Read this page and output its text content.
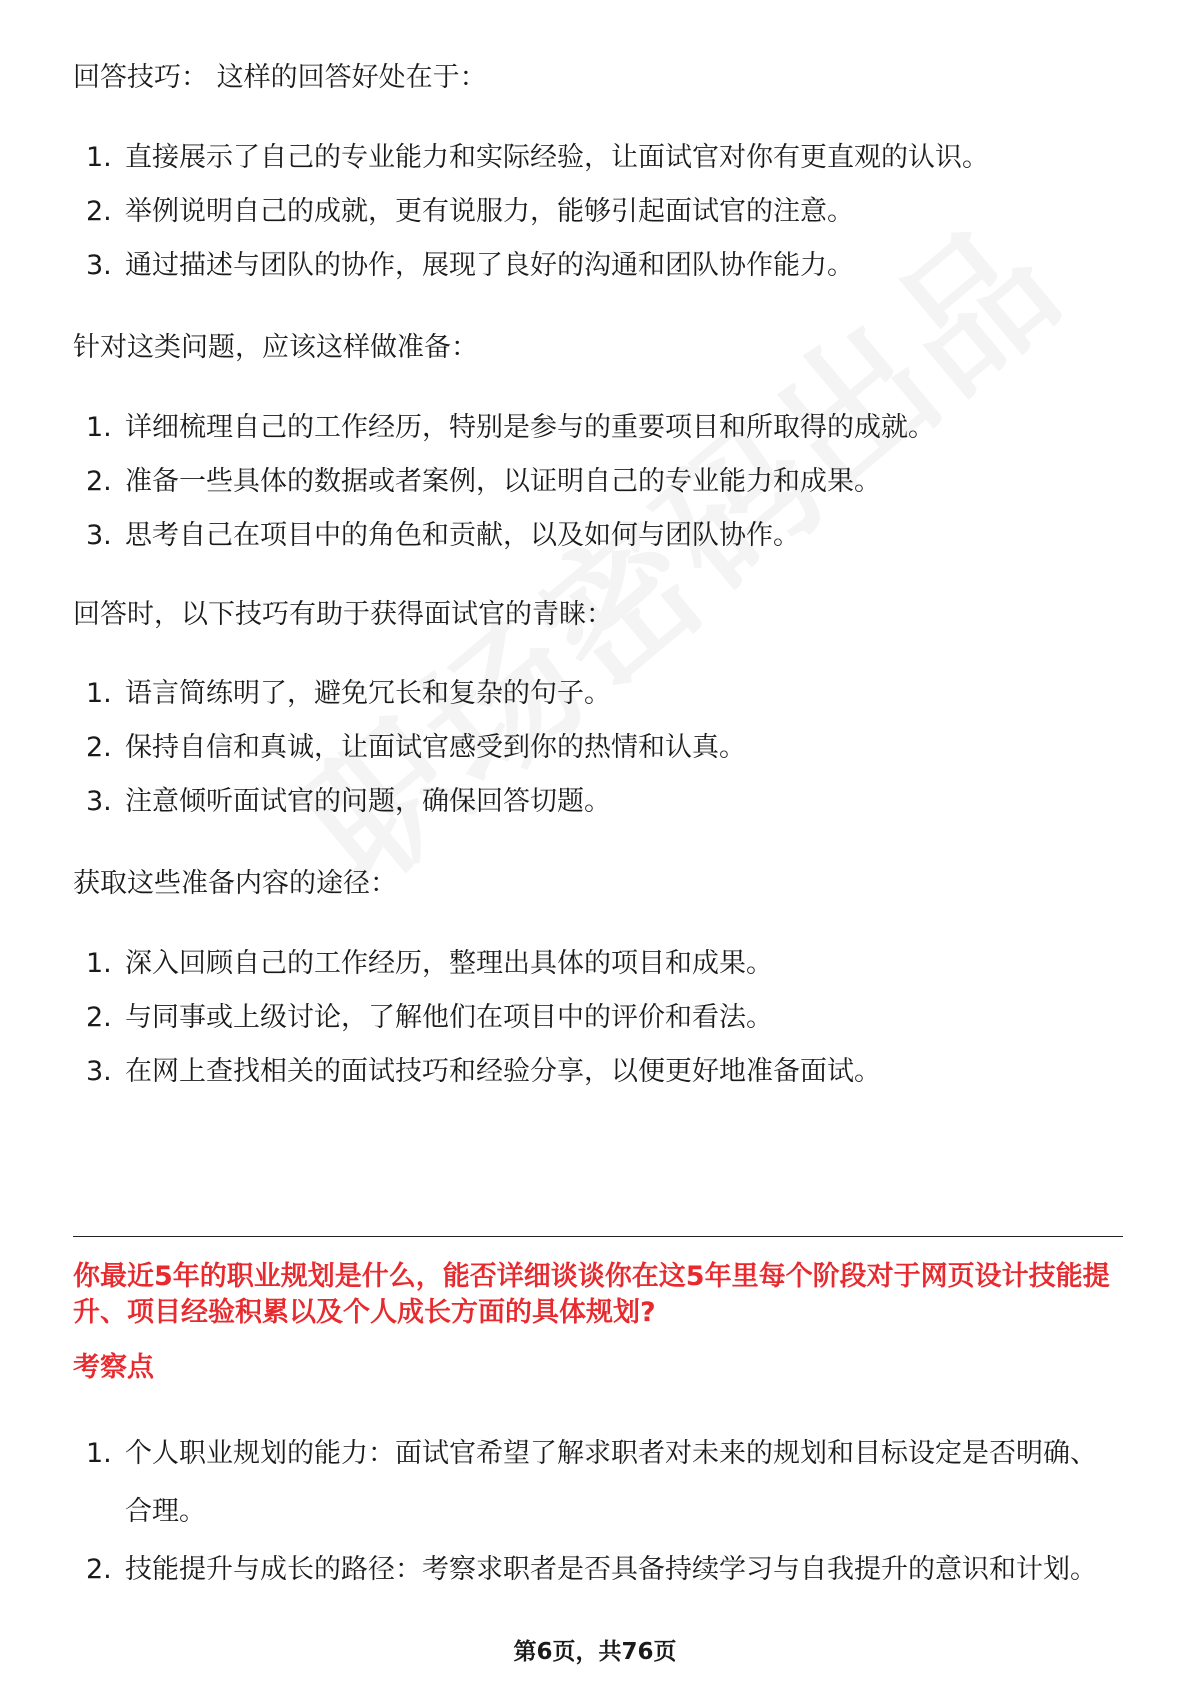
回答技巧： 这样的回答好处在于：

1. 直接展示了自己的专业能力和实际经验，让面试官对你有更直观的认识。
2. 举例说明自己的成就，更有说服力，能够引起面试官的注意。
3. 通过描述与团队的协作，展现了良好的沟通和团队协作能力。

针对这类问题，应该这样做准备：

1. 详细梳理自己的工作经历，特别是参与的重要项目和所取得的成就。
2. 准备一些具体的数据或者案例，以证明自己的专业能力和成果。
3. 思考自己在项目中的角色和贡献，以及如何与团队协作。

回答时，以下技巧有助于获得面试官的青睐：

1. 语言简练明了，避免冗长和复杂的句子。
2. 保持自信和真诚，让面试官感受到你的热情和认真。
3. 注意倾听面试官的问题，确保回答切题。

获取这些准备内容的途径：

1. 深入回顾自己的工作经历，整理出具体的项目和成果。
2. 与同事或上级讨论，了解他们在项目中的评价和看法。
3. 在网上查找相关的面试技巧和经验分享，以便更好地准备面试。
你最近5年的职业规划是什么，能否详细谈谈你在这5年里每个阶段对于网页设计技能提升、项目经验积累以及个人成长方面的具体规划?
考察点
1. 个人职业规划的能力：面试官希望了解求职者对未来的规划和目标设定是否明确、合理。
2. 技能提升与成长的路径：考察求职者是否具备持续学习与自我提升的意识和计划。
第6页，共76页
